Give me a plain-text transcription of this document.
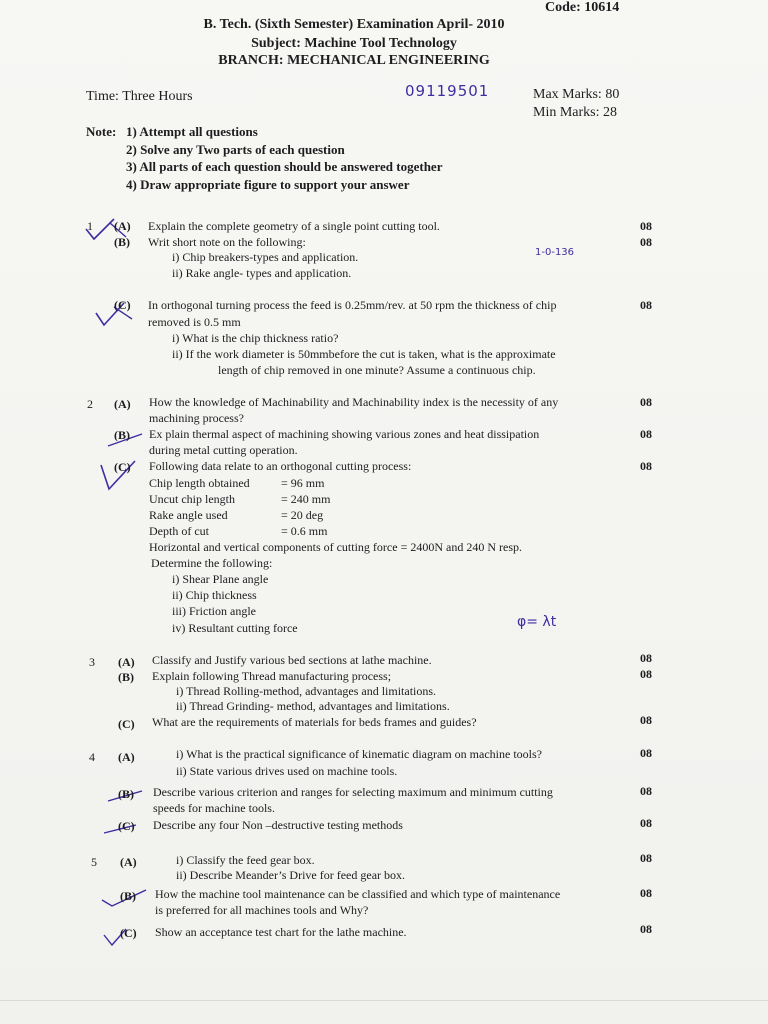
Code: 10614
B. Tech. (Sixth Semester) Examination April- 2010
Subject: Machine Tool Technology
BRANCH: MECHANICAL ENGINEERING
Time: Three Hours	09119501	Max Marks: 80
Min Marks: 28
Note: 1) Attempt all questions
2) Solve any Two parts of each question
3) All parts of each question should be answered together
4) Draw appropriate figure to support your answer
1 (A) Explain the complete geometry of a single point cutting tool.	08
(B) Writ short note on the following:	08
i) Chip breakers-types and application.
ii) Rake angle- types and application.
1-0-136
(C) In orthogonal turning process the feed is 0.25mm/rev. at 50 rpm the thickness of chip	08
removed is 0.5 mm
i) What is the chip thickness ratio?
ii) If the work diameter is 50mmbefore the cut is taken, what is the approximate
length of chip removed in one minute? Assume a continuous chip.
2 (A) How the knowledge of Machinability and Machinability index is the necessity of any	08
machining process?
(B) Ex plain thermal aspect of machining showing various zones and heat dissipation	08
during metal cutting operation.
(C) Following data relate to an orthogonal cutting process:	08
Chip length obtained	= 96 mm
Uncut chip length	= 240 mm
Rake angle used	= 20 deg
Depth of cut	= 0.6 mm
Horizontal and vertical components of cutting force = 2400N and 240 N resp.
Determine the following:
i) Shear Plane angle
ii) Chip thickness
iii) Friction angle
iv) Resultant cutting force	φ= λt
3 (A) Classify and Justify various bed sections at lathe machine.	08
(B) Explain following Thread manufacturing process;	08
i) Thread Rolling-method, advantages and limitations.
ii) Thread Grinding- method, advantages and limitations.
(C) What are the requirements of materials for beds frames and guides?	08
4 (A)	i) What is the practical significance of kinematic diagram on machine tools?	08
ii) State various drives used on machine tools.
(B) Describe various criterion and ranges for selecting maximum and minimum cutting	08
speeds for machine tools.
(C) Describe any four Non –destructive testing methods	08
5 (A)	i) Classify the feed gear box.	08
ii) Describe Meander’s Drive for feed gear box.
(B) How the machine tool maintenance can be classified and which type of maintenance	08
is preferred for all machines tools and Why?
(C) Show an acceptance test chart for the lathe machine.	08
